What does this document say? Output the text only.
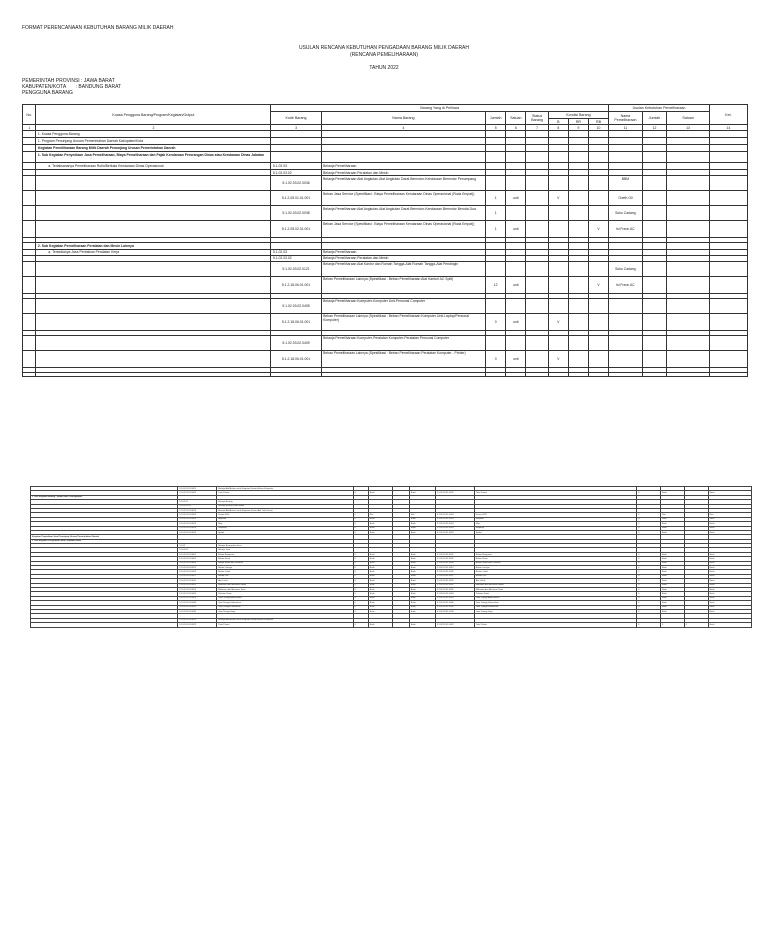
FORMAT PERENCANAAN KEBUTUHAN BARANG MILIK DAERAH
USULAN RENCANA KEBUTUHAN PENGADAAN BARANG MILIK DAERAH
(RENCANA PEMELIHARAAN)
TAHUN 2022
PEMERINTAH PROVINSI : JAWA BARAT
KABUPATEN/KOTA       : BANDUNG BARAT
PENGGUNA BARANG
No.	Kuasa Pengguna Barang/Program/Kegiatan/Output	Barang Yang di Pelihara								Usulan Kebutuhan Pemeliharaan			Ket.
		Kode Barang	Nama Barang	Jumlah	Satuan	Status Barang	Kondisi Barang			Nama Pemeliharaan	Jumlah	Satuan	
							B	RR	RB				
1	2	3	4	5	6	7	8	9	10	11	12	13	14
	1. Kuasa Pengguna Barang												
	1. Program Penunjang Urusan Pemerintahan Daerah Kabupaten/Kota												
	Kegiatan Pemeliharaan Barang Milik Daerah Penunjang Urusan Pemerintahan Daerah												
	1. Sub Kegiatan Penyediaan Jasa Pemeliharaan, Biaya Pemeliharaan dan Pajak Kendaraan Perorangan Dinas atau Kendaraan Dinas Jabatan												
	a. Terlaksananya Pemeliharaan Rutin/Berkala Kendaraan Dinas Operasional	5.1.02.03	Belanja Pemeliharaan										
		5.1.02.03.02	Belanja Pemeliharaan Peralatan dan Mesin										
		5.1.02.03.02.0036	Belanja Pemeliharaan Alat Angkutan-Alat Angkutan Darat Bermotor-Kendaraan Bermotor Penumpang							BBM			
		5.1.2.05.01.01.001	Beban Jasa Service (Spesifikasi : Biaya Pemeliharaan Kendaraan Dinas Operasional (Roda Empat))	1	unit		V			Oveth Oil			
		5.1.02.03.02.0038	Belanja Pemeliharaan Alat Angkutan-Alat Angkutan Darat Bermotor-Kendaraan Bermotor Beroda Dua	1						Suku Cadang			
		5.1.2.05.02.01.001	Beban Jasa Service (Spesifikasi : Biaya Pemeliharaan Kendaraan Dinas Operasional (Roda Empat))	1	unit				V	Isi Freon AC			

	2. Sub Kegiatan Pemeliharaan Peralatan dan Mesin Lainnya												
	a. Tersedianya Jasa Perbaikan Peralatan Kerja	5.1.02.03	Belanja Pemeliharaan										
		5.1.02.03.02	Belanja Pemeliharaan Peralatan dan Mesin										
		5.1.02.03.02.0121	Belanja Pemeliharaan Alat Kantor dan Rumah Tangga-Alat Rumah Tangga-Alat Pendingin							Suku Cadang			
		5.1.2.18.06.01.001	Beban Pemeliharaan Lainnya (Spesifikasi : Beban Pemeliharaan Alat Kantor/ AC Split)	12	unit				V	Isi Freon AC			

		5.1.02.03.02.0405	Belanja Pemeliharaan Komputer-Komputer Unit-Personal Computer										
		5.1.2.18.06.01.001	Beban Pemeliharaan Lainnya (Spesifikasi : Beban Pemeliharaan Komputer Unit-Laptop/Personal Komputer)	0	unit		V						

		5.1.02.03.02.0409	Belanja Pemeliharaan Komputer-Peralatan Komputer-Peralatan Personal Computer										
		5.1.2.18.06.01.001	Beban Pemeliharaan Lainnya (Spesifikasi : Beban Pemeliharaan Peralatan Komputer - Printer)	0	unit		V						

	5.1.02.01.01.0029	Belanja Alat/Bahan untuk Kegiatan Kantor-Bahan Komputer										
	5.1.02.01.01.0029	Tinta Printer	0	Buah		Buah	5.1.02.01.01.0029	Tinta Printer	0	Buah		Buah
1. Sub Kegiatan Barang - Bahan dan Perlengkapan												
	5.1.02.01	Belanja Barang										
	5.1.02.01.01	Belanja Barang Pakai Habis										
	5.1.02.01.01.0024	Belanja Alat/Bahan untuk Kegiatan Kantor-Alat Tulis Kantor										
	5.1.02.01.01.0024	Kertas HVS	0	Rim		Rim	5.1.02.01.01.0024	Kertas HVS	0	Rim		Rim
	5.1.02.01.01.0024	Ballpoint	0	Buah		Buah	5.1.02.01.01.0024	Ballpoint	0	Buah		Buah
	5.1.02.01.01.0024	Map	0	Buah		Buah	5.1.02.01.01.0024	Map	0	Buah		Buah
	5.1.02.01.01.0024	Stopmap	0	Buah		Buah	5.1.02.01.01.0024	Stopmap	0	Buah		Buah
	5.1.02.01.01.0024	Spidol	0	Buah		Buah	5.1.02.01.01.0024	Spidol	0	Buah		Buah
Kegiatan Penyediaan Jasa Penunjang Urusan Pemerintahan Daerah												
1. Sub Kegiatan Penyediaan Jasa Peralatan Dinas												
	5.1.02	Belanja Barang dan Jasa										
	5.1.02.02	Belanja Jasa										
	5.1.02.01.01.0001	Bahan Bangunan	0	Buah		Buah	5.1.02.01.01.0001	Bahan Bangunan	0	Buah		Buah
	5.1.02.01.01.0002	Bahan Kimia	0	Buah		Buah	5.1.02.01.01.0002	Bahan Kimia	0	Buah		Buah
	5.1.02.01.01.0004	Bahan Bakar dan Pelumas	0	Buah		Buah	5.1.02.01.01.0004	Bahan Bakar dan Pelumas	0	Buah		Buah
	5.1.02.01.01.0012	Bahan Lainnya	0	Buah		Buah	5.1.02.01.01.0012	Bahan Lainnya	0	Buah		Buah
	5.1.02.01.01.0026	Bahan Cetak	0	Buah		Buah	5.1.02.01.01.0026	Bahan Cetak	0	Buah		Buah
	5.1.02.01.01.0027	Benda Pos	0	Buah		Buah	5.1.02.01.01.0027	Benda Pos	0	Buah		Buah
	5.1.02.01.01.0031	Alat Listrik	0	Buah		Buah	5.1.02.01.01.0031	Alat Listrik	0	Buah		Buah
	5.1.02.01.01.0052	Makanan dan Minuman Rapat	0	Buah		Buah	5.1.02.01.01.0052	Makanan dan Minuman Rapat	0	Buah		Buah
	5.1.02.01.01.0055	Makanan dan Minuman Tamu	0	Buah		Buah	5.1.02.01.01.0055	Makanan dan Minuman Tamu	0	Buah		Buah
	5.1.02.01.01.0064	Pakaian Dinas	0	Buah		Buah	5.1.02.01.01.0064	Pakaian Dinas	0	Buah		Buah
	5.1.02.02.01.0026	Jasa Tenaga Administrasi	0	Buah		Buah	5.1.02.02.01.0026	Jasa Tenaga Administrasi	0	Buah		Buah
	5.1.02.02.01.0030	Jasa Tenaga Kebersihan	0	Buah		Buah	5.1.02.02.01.0030	Jasa Tenaga Kebersihan	0	Buah		Buah
	5.1.02.02.01.0031	Jasa Tenaga Keamanan	0	Buah		Buah	5.1.02.02.01.0031	Jasa Tenaga Keamanan	0	Buah		Buah
	5.1.02.02.01.0033	Jasa Tenaga Supir	0	Buah		Buah	5.1.02.02.01.0033	Jasa Tenaga Supir	0	Buah		Buah

	5.1.02.01.01.0029	Belanja Alat/Bahan untuk Kegiatan Kantor-Bahan Komputer										
	5.1.02.01.01.0029	Tinta Printer	0	Buah		Buah	5.1.02.01.01.0029	Tinta Printer	0	0	0	Buah
